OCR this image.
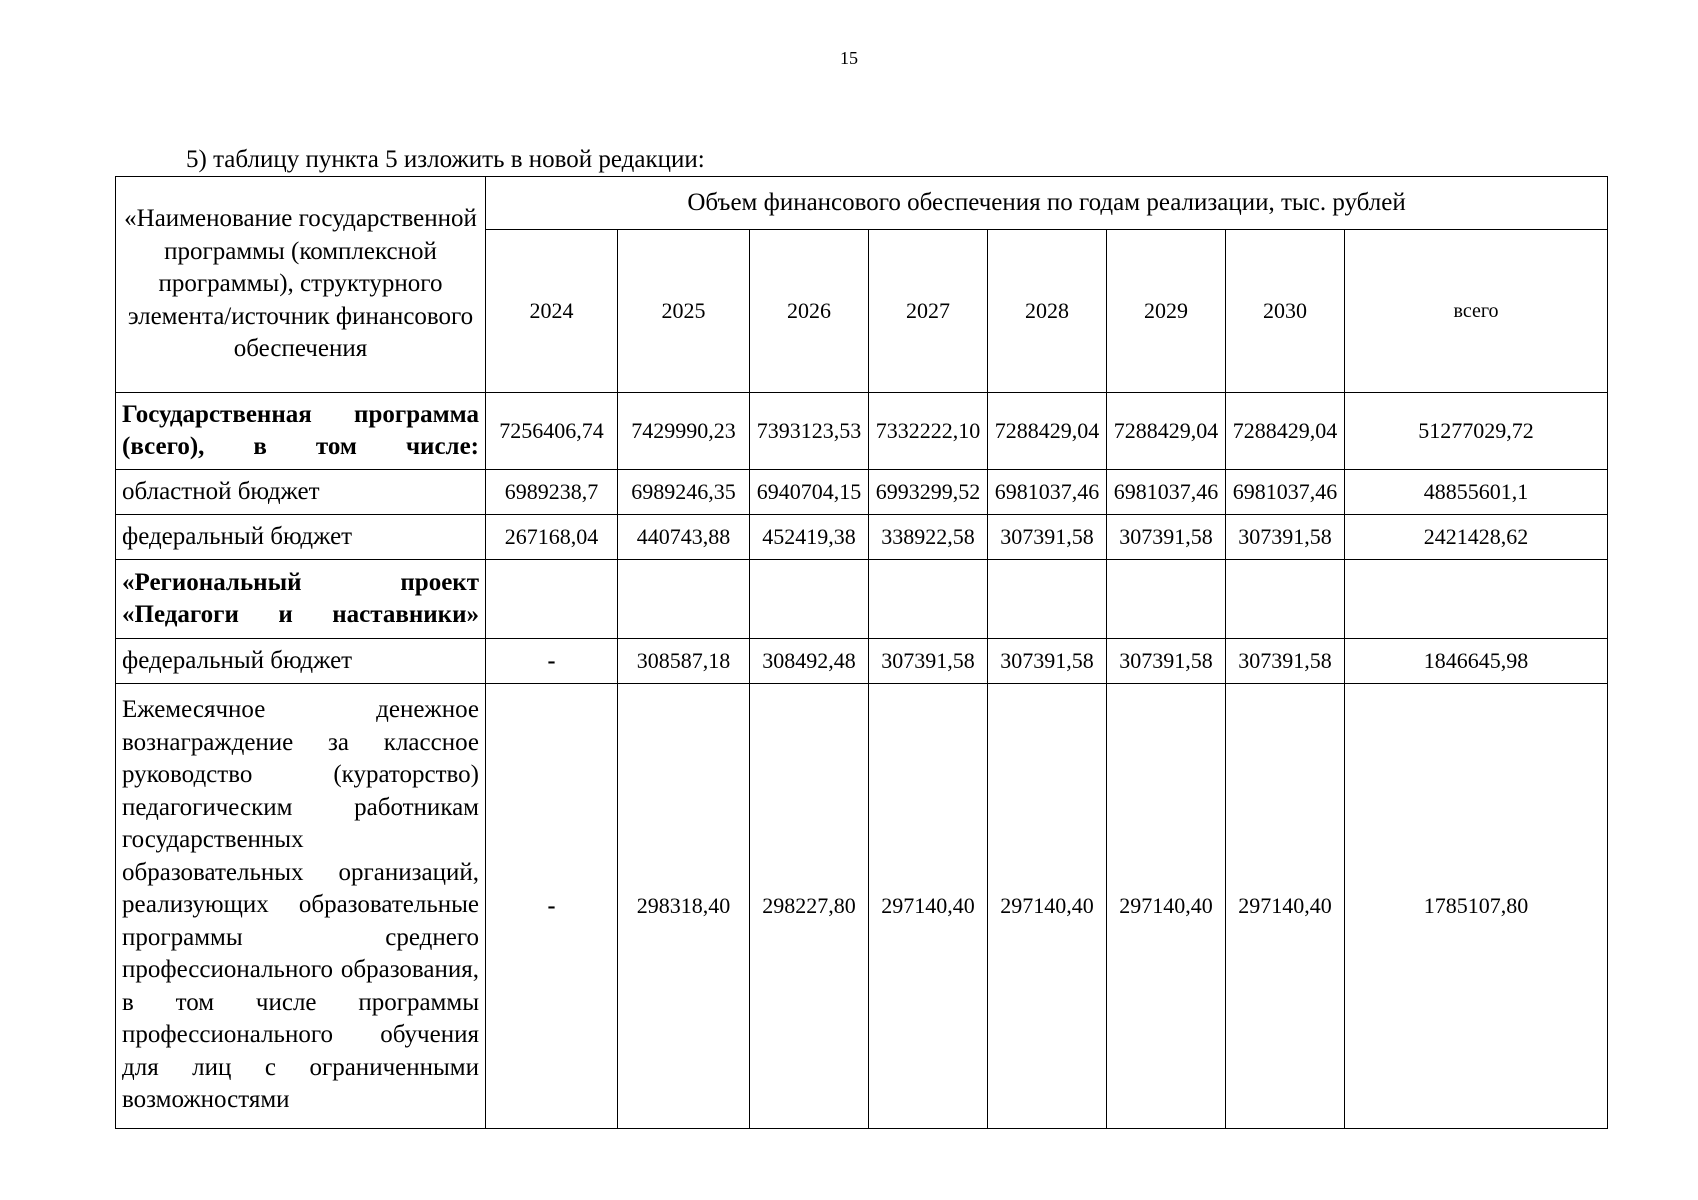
15
5) таблицу пункта 5 изложить в новой редакции:
«Наименование государственной программы (комплексной программы), структурного элемента/источник финансового обеспечения	Объем финансового обеспечения по годам реализации, тыс. рублей							
	2024	2025	2026	2027	2028	2029	2030	всего
Государственная программа (всего), в том числе:	7256406,74	7429990,23	7393123,53	7332222,10	7288429,04	7288429,04	7288429,04	51277029,72
областной бюджет	6989238,7	6989246,35	6940704,15	6993299,52	6981037,46	6981037,46	6981037,46	48855601,1
федеральный бюджет	267168,04	440743,88	452419,38	338922,58	307391,58	307391,58	307391,58	2421428,62
«Региональный проект «Педагоги и наставники»								
федеральный бюджет	-	308587,18	308492,48	307391,58	307391,58	307391,58	307391,58	1846645,98
Ежемесячное денежное вознаграждение за классное руководство (кураторство) педагогическим работникам государственных образовательных организаций, реализующих образовательные программы среднего профессионального образования, в том числе программы профессионального обучения для лиц с ограниченными возможностями	-	298318,40	298227,80	297140,40	297140,40	297140,40	297140,40	1785107,80
